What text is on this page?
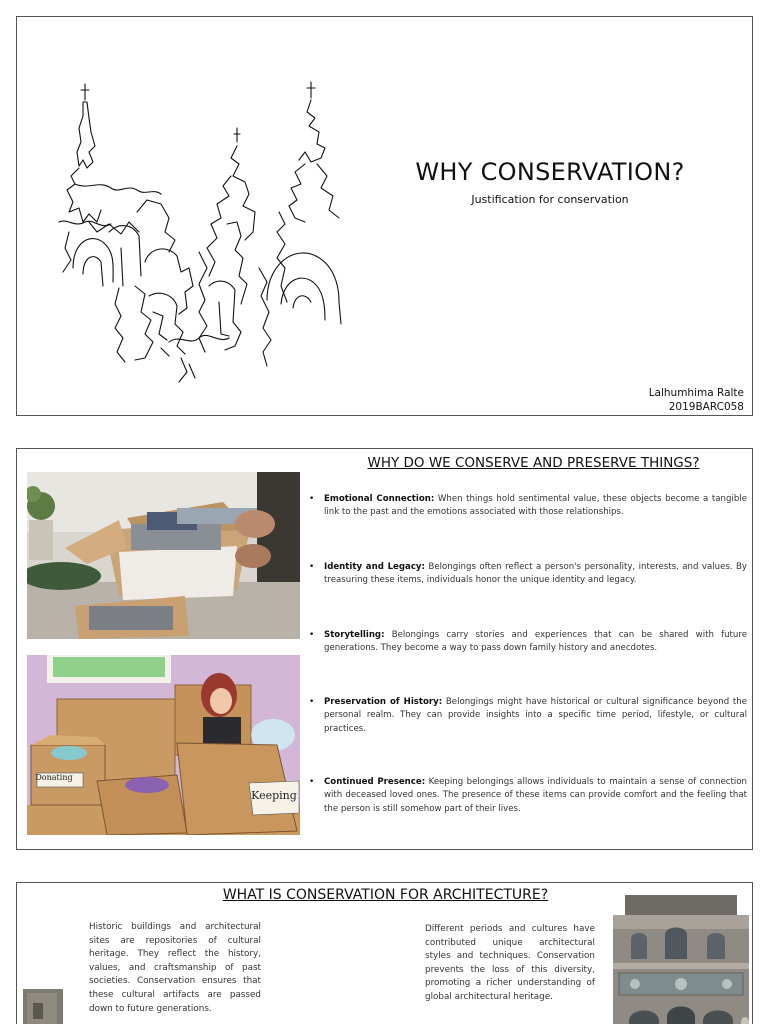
WHY CONSERVATION?
Justification for conservation
Lalhumhima Ralte
2019BARC058
WHY DO WE CONSERVE AND PRESERVE THINGS?
Donating
Keeping
• Emotional Connection: When things hold sentimental value, these objects become a tangible link to the past and the emotions associated with those relationships.
• Identity and Legacy: Belongings often reflect a person's personality, interests, and values. By treasuring these items, individuals honor the unique identity and legacy.
• Storytelling: Belongings carry stories and experiences that can be shared with future generations. They become a way to pass down family history and anecdotes.
• Preservation of History: Belongings might have historical or cultural significance beyond the personal realm. They can provide insights into a specific time period, lifestyle, or cultural practices.
• Continued Presence: Keeping belongings allows individuals to maintain a sense of connection with deceased loved ones. The presence of these items can provide comfort and the feeling that the person is still somehow part of their lives.
WHAT IS CONSERVATION FOR ARCHITECTURE?

Historic buildings and architectural sites are repositories of cultural heritage. They reflect the history, values, and craftsmanship of past societies. Conservation ensures that these cultural artifacts are passed down to future generations.

Different periods and cultures have contributed unique architectural styles and techniques. Conservation prevents the loss of this diversity, promoting a richer understanding of global architectural heritage.
